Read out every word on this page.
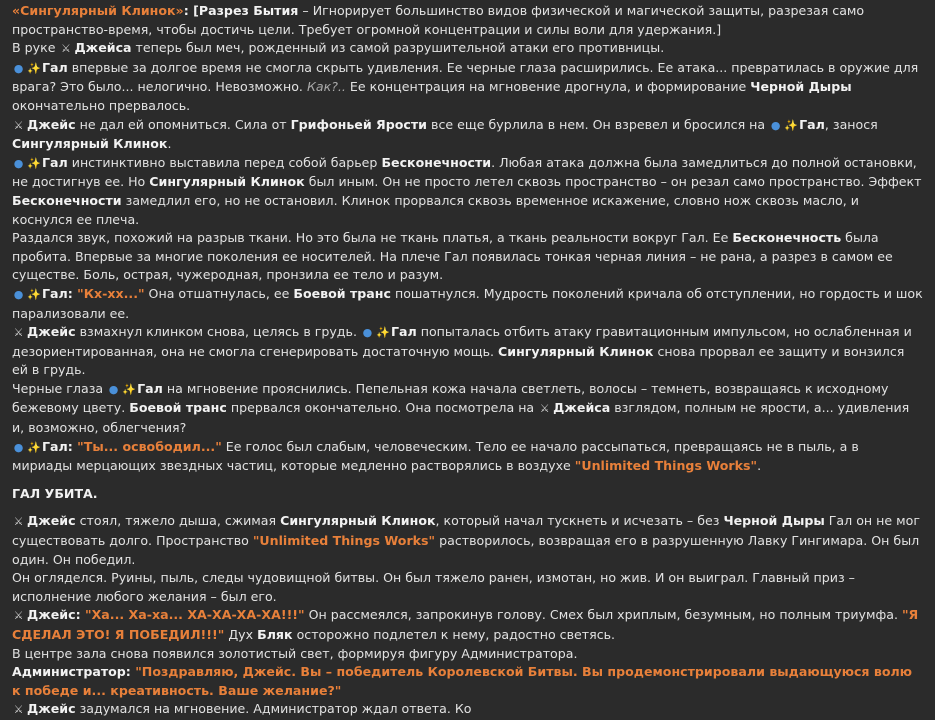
«Сингулярный Клинок»: [Разрез Бытия – Игнорирует большинство видов физической и магической защиты, разрезая само пространство-время, чтобы достичь цели. Требует огромной концентрации и силы воли для удержания.]

В руке ⚔ Джейса теперь был меч, рожденный из самой разрушительной атаки его противницы.

● ✨Гал впервые за долгое время не смогла скрыть удивления. Ее черные глаза расширились. Ее атака... превратилась в оружие для врага? Это было... нелогично. Невозможно. Как?.. Ее концентрация на мгновение дрогнула, и формирование Черной Дыры окончательно прервалось.

⚔ Джейс не дал ей опомниться. Сила от Грифоньей Ярости все еще бурлила в нем. Он взревел и бросился на ● ✨Гал, занося Сингулярный Клинок.

● ✨Гал инстинктивно выставила перед собой барьер Бесконечности. Любая атака должна была замедлиться до полной остановки, не достигнув ее. Но Сингулярный Клинок был иным. Он не просто летел сквозь пространство – он резал само пространство. Эффект Бесконечности замедлил его, но не остановил. Клинок прорвался сквозь временное искажение, словно нож сквозь масло, и коснулся ее плеча.

Раздался звук, похожий на разрыв ткани. Но это была не ткань платья, а ткань реальности вокруг Гал. Ее Бесконечность была пробита. Впервые за многие поколения ее носителей. На плече Гал появилась тонкая черная линия – не рана, а разрез в самом ее существе. Боль, острая, чужеродная, пронзила ее тело и разум.

● ✨Гал: "Кх-хх..." Она отшатнулась, ее Боевой транс пошатнулся. Мудрость поколений кричала об отступлении, но гордость и шок парализовали ее.

⚔ Джейс взмахнул клинком снова, целясь в грудь. ● ✨Гал попыталась отбить атаку гравитационным импульсом, но ослабленная и дезориентированная, она не смогла сгенерировать достаточную мощь. Сингулярный Клинок снова прорвал ее защиту и вонзился ей в грудь.

Черные глаза ● ✨Гал на мгновение прояснились. Пепельная кожа начала светлеть, волосы – темнеть, возвращаясь к исходному бежевому цвету. Боевой транс прервался окончательно. Она посмотрела на ⚔ Джейса взглядом, полным не ярости, а... удивления и, возможно, облегчения?

● ✨Гал: "Ты... освободил..." Ее голос был слабым, человеческим. Тело ее начало рассыпаться, превращаясь не в пыль, а в мириады мерцающих звездных частиц, которые медленно растворялись в воздухе "Unlimited Things Works".

ГАЛ УБИТА.

⚔ Джейс стоял, тяжело дыша, сжимая Сингулярный Клинок, который начал тускнеть и исчезать – без Черной Дыры Гал он не мог существовать долго. Пространство "Unlimited Things Works" растворилось, возвращая его в разрушенную Лавку Гингимара. Он был один. Он победил.

Он огляделся. Руины, пыль, следы чудовищной битвы. Он был тяжело ранен, измотан, но жив. И он выиграл. Главный приз – исполнение любого желания – был его.

⚔ Джейс: "Ха... Ха-ха... ХА-ХА-ХА-ХА!!!" Он рассмеялся, запрокинув голову. Смех был хриплым, безумным, но полным триумфа. "Я СДЕЛАЛ ЭТО! Я ПОБЕДИЛ!!!" Дух Бляк осторожно подлетел к нему, радостно светясь.

В центре зала снова появился золотистый свет, формируя фигуру Администратора.

Администратор: "Поздравляю, Джейс. Вы – победитель Королевской Битвы. Вы продемонстрировали выдающуюся волю к победе и... креативность. Ваше желание?"

⚔ Джейс задумался на мгновение. Администратор ждал ответа. Ко
